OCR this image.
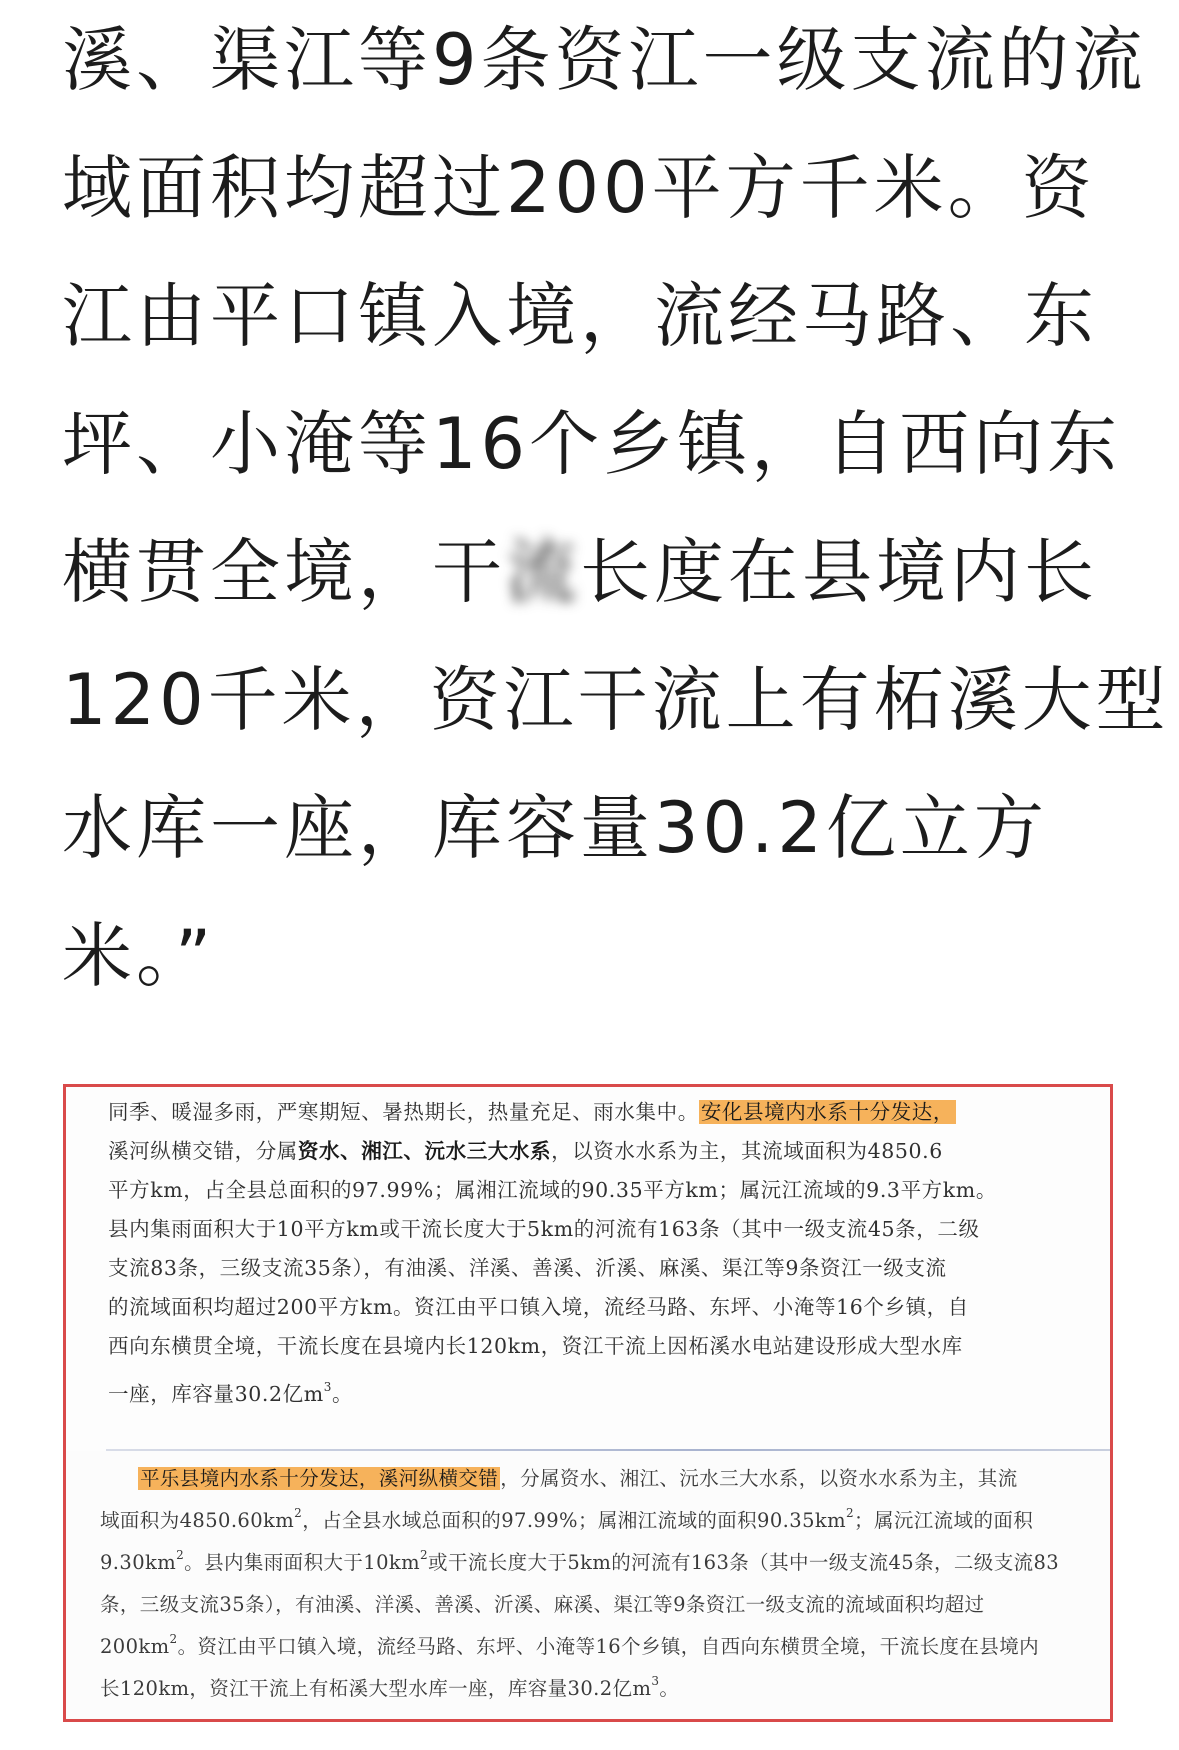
溪、渠江等9条资江一级支流的流
域面积均超过200平方千米。资
江由平口镇入境，流经马路、东
坪、小淹等16个乡镇，自西向东
横贯全境，干流长度在县境内长
120千米，资江干流上有柘溪大型
水库一座，库容量30.2亿立方
米。”
同季、暖湿多雨，严寒期短、暑热期长，热量充足、雨水集中。安化县境内水系十分发达，
溪河纵横交错，分属资水、湘江、沅水三大水系，以资水水系为主，其流域面积为4850.6
平方km，占全县总面积的97.99%；属湘江流域的90.35平方km；属沅江流域的9.3平方km。
县内集雨面积大于10平方km或干流长度大于5km的河流有163条（其中一级支流45条，二级
支流83条，三级支流35条），有油溪、洋溪、善溪、沂溪、麻溪、渠江等9条资江一级支流
的流域面积均超过200平方km。资江由平口镇入境，流经马路、东坪、小淹等16个乡镇，自
西向东横贯全境，干流长度在县境内长120km，资江干流上因柘溪水电站建设形成大型水库
一座，库容量30.2亿$m^3$。
平乐县境内水系十分发达，溪河纵横交错 ，分属资水、湘江、沅水三大水系，以资水水系为主，其流
域面积为$4850.60km^2$，占全县水域总面积的97.99%；属湘江流域的面积$90.35km^2$；属沅江流域的面积
$9.30km^2$。县内集雨面积大于$10km^2$或干流长度大于5km的河流有163条（其中一级支流45条，二级支流83
条，三级支流35条），有油溪、洋溪、善溪、沂溪、麻溪、渠江等9条资江一级支流的流域面积均超过
$200km^2$。资江由平口镇入境，流经马路、东坪、小淹等16个乡镇，自西向东横贯全境，干流长度在县境内
长120km，资江干流上有柘溪大型水库一座，库容量30.2亿$m^3$。
